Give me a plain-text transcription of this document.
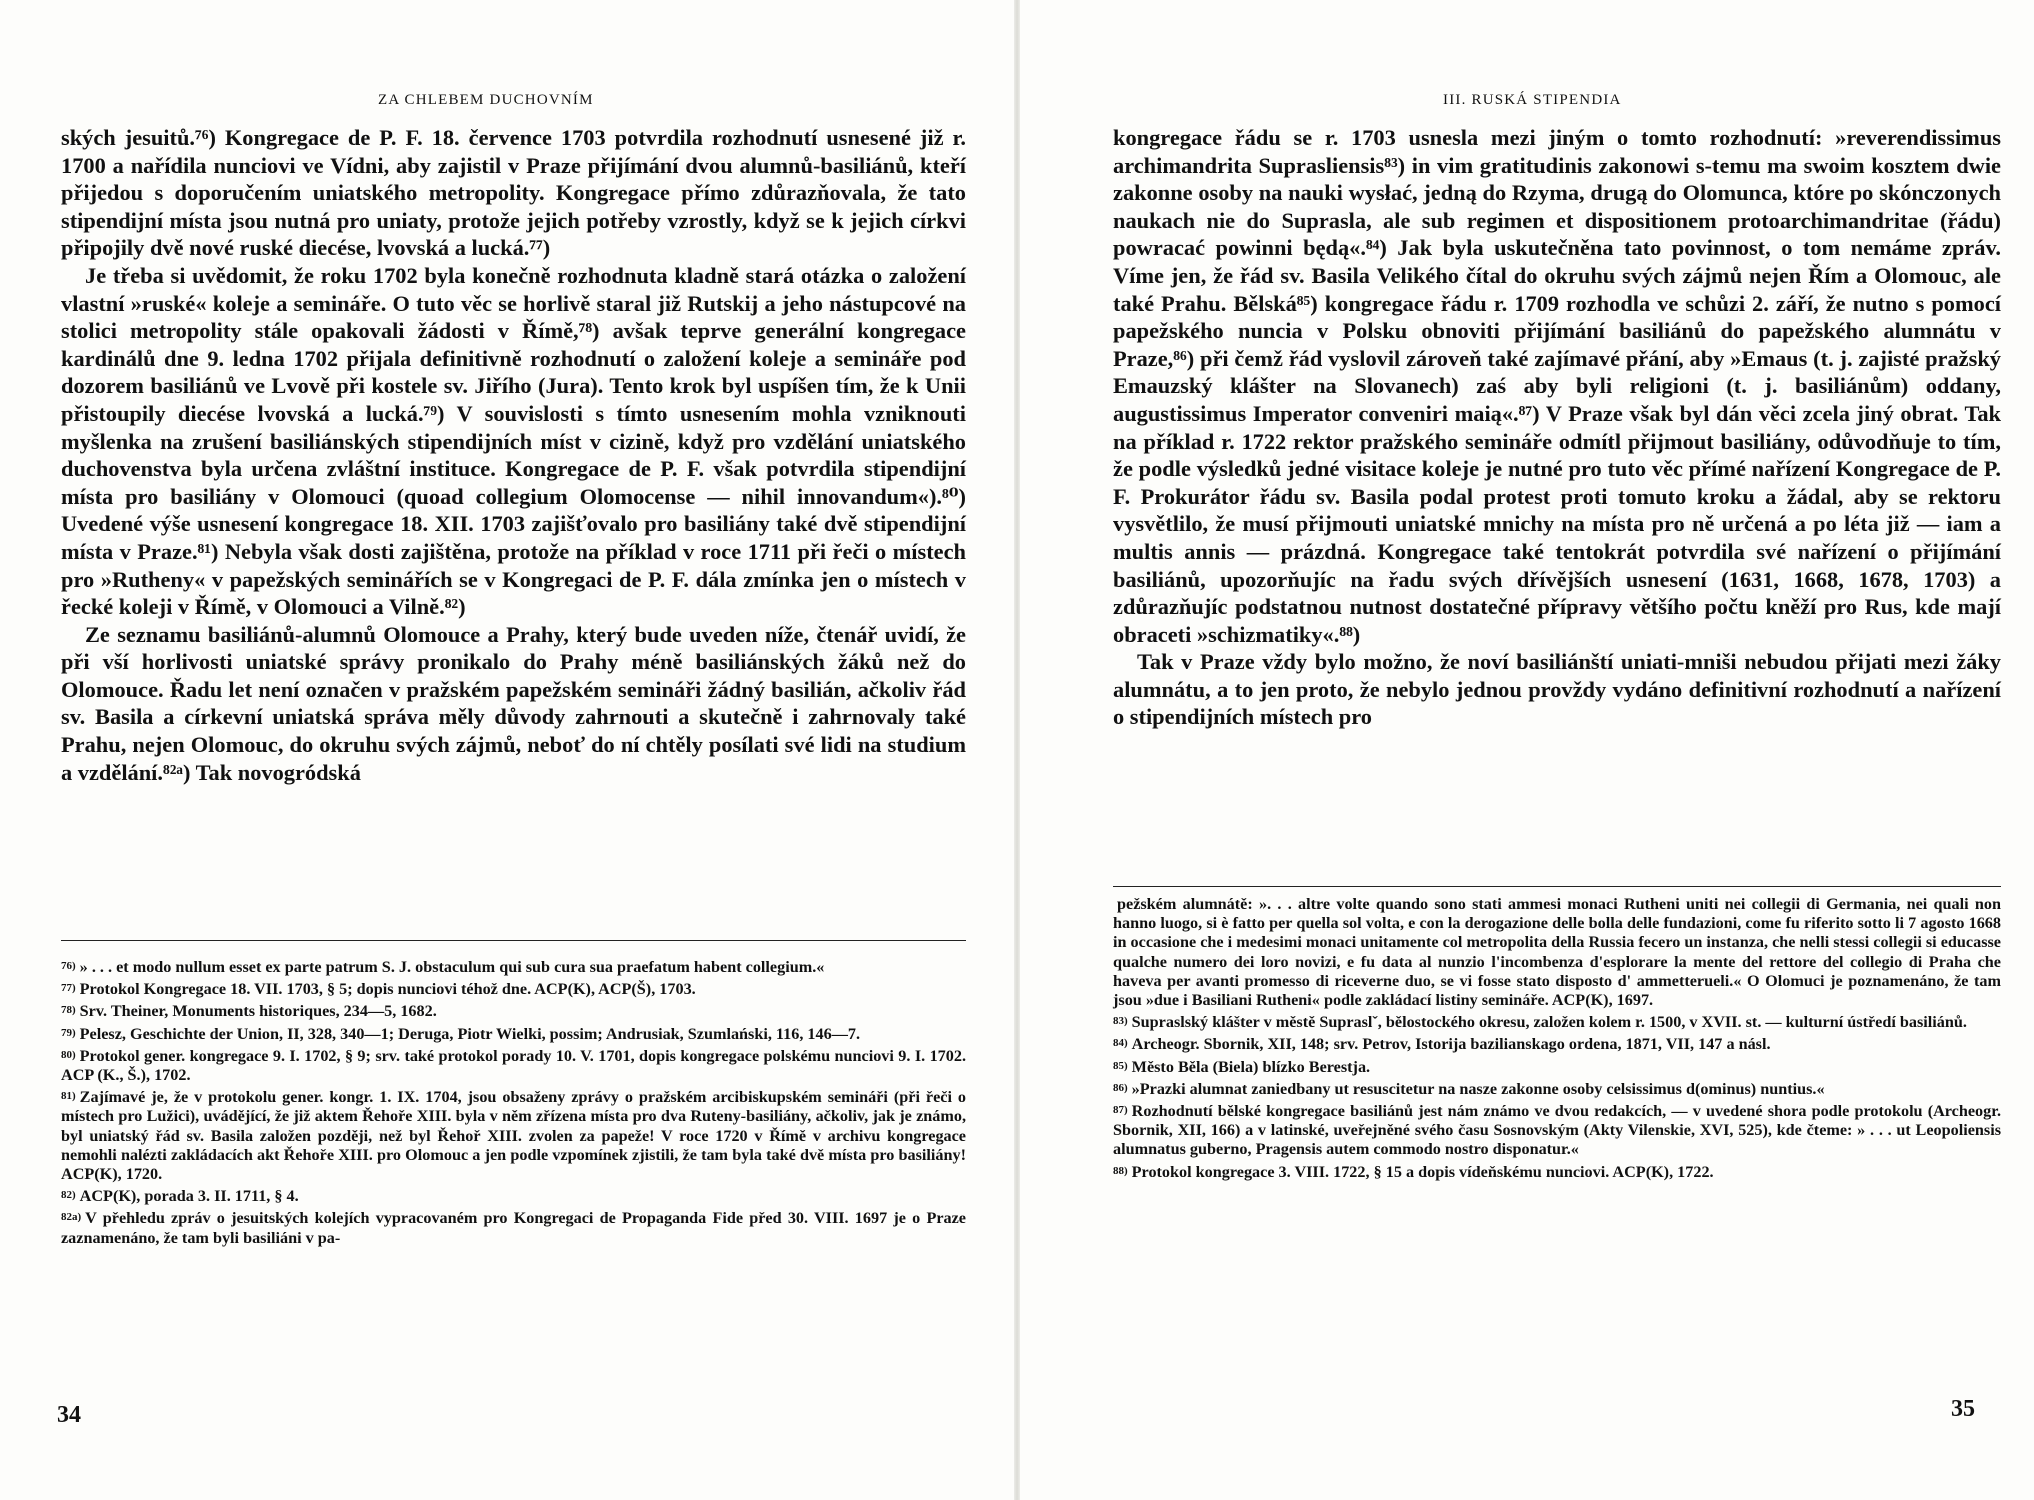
ZA CHLEBEM DUCHOVNÍM

ských jesuitů.⁷⁶) Kongregace de P. F. 18. července 1703 potvrdila rozhodnutí usnesené již r. 1700 a nařídila nunciovi ve Vídni, aby zajistil v Praze přijímání dvou alumnů-basiliánů, kteří přijedou s doporučením uniatského metropolity. Kongregace přímo zdůrazňovala, že tato stipendijní místa jsou nutná pro uniaty, protože jejich potřeby vzrostly, když se k jejich církvi připojily dvě nové ruské diecése, lvovská a lucká.⁷⁷)

Je třeba si uvědomit, že roku 1702 byla konečně rozhodnuta kladně stará otázka o založení vlastní »ruské« koleje a semináře. O tuto věc se horlivě staral již Rutskij a jeho nástupcové na stolici metropolity stále opakovali žádosti v Římě,⁷⁸) avšak teprve generální kongregace kardinálů dne 9. ledna 1702 přijala definitivně rozhodnutí o založení koleje a semináře pod dozorem basiliánů ve Lvově při kostele sv. Jiřího (Jura). Tento krok byl uspíšen tím, že k Unii přistoupily diecése lvovská a lucká.⁷⁹) V souvislosti s tímto usnesením mohla vzniknouti myšlenka na zrušení basiliánských stipendijních míst v cizině, když pro vzdělání uniatského duchovenstva byla určena zvláštní instituce. Kongregace de P. F. však potvrdila stipendijní místa pro basiliány v Olomouci (quoad collegium Olomocense — nihil innovandum«).⁸⁰) Uvedené výše usnesení kongregace 18. XII. 1703 zajišťovalo pro basiliány také dvě stipendijní místa v Praze.⁸¹) Nebyla však dosti zajištěna, protože na příklad v roce 1711 při řeči o místech pro »Rutheny« v papežských seminářích se v Kongregaci de P. F. dála zmínka jen o místech v řecké koleji v Římě, v Olomouci a Vilně.⁸²)

Ze seznamu basiliánů-alumnů Olomouce a Prahy, který bude uveden níže, čtenář uvidí, že při vší horlivosti uniatské správy pronikalo do Prahy méně basiliánských žáků než do Olomouce. Řadu let není označen v pražském papežském semináři žádný basilián, ačkoliv řád sv. Basila a církevní uniatská správa měly důvody zahrnouti a skutečně i zahrnovaly také Prahu, nejen Olomouc, do okruhu svých zájmů, neboť do ní chtěly posílati své lidi na studium a vzdělání.⁸²ᵃ) Tak novogródská

76) » . . . et modo nullum esset ex parte patrum S. J. obstaculum qui sub cura sua praefatum habent collegium.«
77) Protokol Kongregace 18. VII. 1703, § 5; dopis nunciovi téhož dne. ACP(K), ACP(Š), 1703.
78) Srv. Theiner, Monuments historiques, 234—5, 1682.
79) Pelesz, Geschichte der Union, II, 328, 340—1; Deruga, Piotr Wielki, possim; Andrusiak, Szumlański, 116, 146—7.
80) Protokol gener. kongregace 9. I. 1702, § 9; srv. také protokol porady 10. V. 1701, dopis kongregace polskému nunciovi 9. I. 1702. ACP (K., Š.), 1702.
81) Zajímavé je, že v protokolu gener. kongr. 1. IX. 1704, jsou obsaženy zprávy o pražském arcibiskupském semináři (při řeči o místech pro Lužici), uvádějící, že již aktem Řehoře XIII. byla v něm zřízena místa pro dva Ruteny-basiliány, ačkoliv, jak je známo, byl uniatský řád sv. Basila založen později, než byl Řehoř XIII. zvolen za papeže! V roce 1720 v Římě v archivu kongregace nemohli nalézti zakládacích akt Řehoře XIII. pro Olomouc a jen podle vzpomínek zjistili, že tam byla také dvě místa pro basiliány! ACP(K), 1720.
82) ACP(K), porada 3. II. 1711, § 4.
82a) V přehledu zpráv o jesuitských kolejích vypracovaném pro Kongregaci de Propaganda Fide před 30. VIII. 1697 je o Praze zaznamenáno, že tam byli basiliáni v pa-
34
III. RUSKÁ STIPENDIA

kongregace řádu se r. 1703 usnesla mezi jiným o tomto rozhodnutí: »reverendissimus archimandrita Suprasliensis⁸³) in vim gratitudinis zakonowi s-temu ma swoim kosztem dwie zakonne osoby na nauki wysłać, jedną do Rzyma, drugą do Olomunca, które po skónczonych naukach nie do Suprasla, ale sub regimen et dispositionem protoarchimandritae (řádu) powracać powinni będą«.⁸⁴) Jak byla uskutečněna tato povinnost, o tom nemáme zpráv. Víme jen, že řád sv. Basila Velikého čítal do okruhu svých zájmů nejen Řím a Olomouc, ale také Prahu. Bělská⁸⁵) kongregace řádu r. 1709 rozhodla ve schůzi 2. září, že nutno s pomocí papežského nuncia v Polsku obnoviti přijímání basiliánů do papežského alumnátu v Praze,⁸⁶) při čemž řád vyslovil zároveň také zajímavé přání, aby »Emaus (t. j. zajisté pražský Emauzský klášter na Slovanech) zaś aby byli religioni (t. j. basiliánům) oddany, augustissimus Imperator conveniri maią«.⁸⁷) V Praze však byl dán věci zcela jiný obrat. Tak na příklad r. 1722 rektor pražského semináře odmítl přijmout basiliány, odůvodňuje to tím, že podle výsledků jedné visitace koleje je nutné pro tuto věc přímé nařízení Kongregace de P. F. Prokurátor řádu sv. Basila podal protest proti tomuto kroku a žádal, aby se rektoru vysvětlilo, že musí přijmouti uniatské mnichy na místa pro ně určená a po léta již — iam a multis annis — prázdná. Kongregace také tentokrát potvrdila své nařízení o přijímání basiliánů, upozorňujíc na řadu svých dřívějších usnesení (1631, 1668, 1678, 1703) a zdůrazňujíc podstatnou nutnost dostatečné přípravy většího počtu kněží pro Rus, kde mají obraceti »schizmatiky«.⁸⁸)

Tak v Praze vždy bylo možno, že noví basiliánští uniati-mniši nebudou přijati mezi žáky alumnátu, a to jen proto, že nebylo jednou provždy vydáno definitivní rozhodnutí a nařízení o stipendijních místech pro

pežském alumnátě: ». . . altre volte quando sono stati ammesi monaci Rutheni uniti nei collegii di Germania, nei quali non hanno luogo, si è fatto per quella sol volta, e con la derogazione delle bolla delle fundazioni, come fu riferito sotto li 7 agosto 1668 in occasione che i medesimi monaci unitamente col metropolita della Russia fecero un instanza, che nelli stessi collegii si educasse qualche numero dei loro novizi, e fu data al nunzio l'incombenza d'esplorare la mente del rettore del collegio di Praha che haveva per avanti promesso di riceverne duo, se vi fosse stato disposto d' ammetterueli.« O Olomuci je poznamenáno, že tam jsou »due i Basiliani Rutheni« podle zakládací listiny semináře. ACP(K), 1697.
83) Supraslský klášter v městě Supraslˇ, bělostockého okresu, založen kolem r. 1500, v XVII. st. — kulturní ústředí basiliánů.
84) Archeogr. Sbornik, XII, 148; srv. Petrov, Istorija bazilianskago ordena, 1871, VII, 147 a násl.
85) Město Běla (Biela) blízko Berestja.
86) »Prazki alumnat zaniedbany ut resuscitetur na nasze zakonne osoby celsissimus d(ominus) nuntius.«
87) Rozhodnutí bělské kongregace basiliánů jest nám známo ve dvou redakcích, — v uvedené shora podle protokolu (Archeogr. Sbornik, XII, 166) a v latinské, uveřejněné svého času Sosnovským (Akty Vilenskie, XVI, 525), kde čteme: » . . . ut Leopoliensis alumnatus guberno, Pragensis autem commodo nostro disponatur.«
88) Protokol kongregace 3. VIII. 1722, § 15 a dopis vídeňskému nunciovi. ACP(K), 1722.
35
